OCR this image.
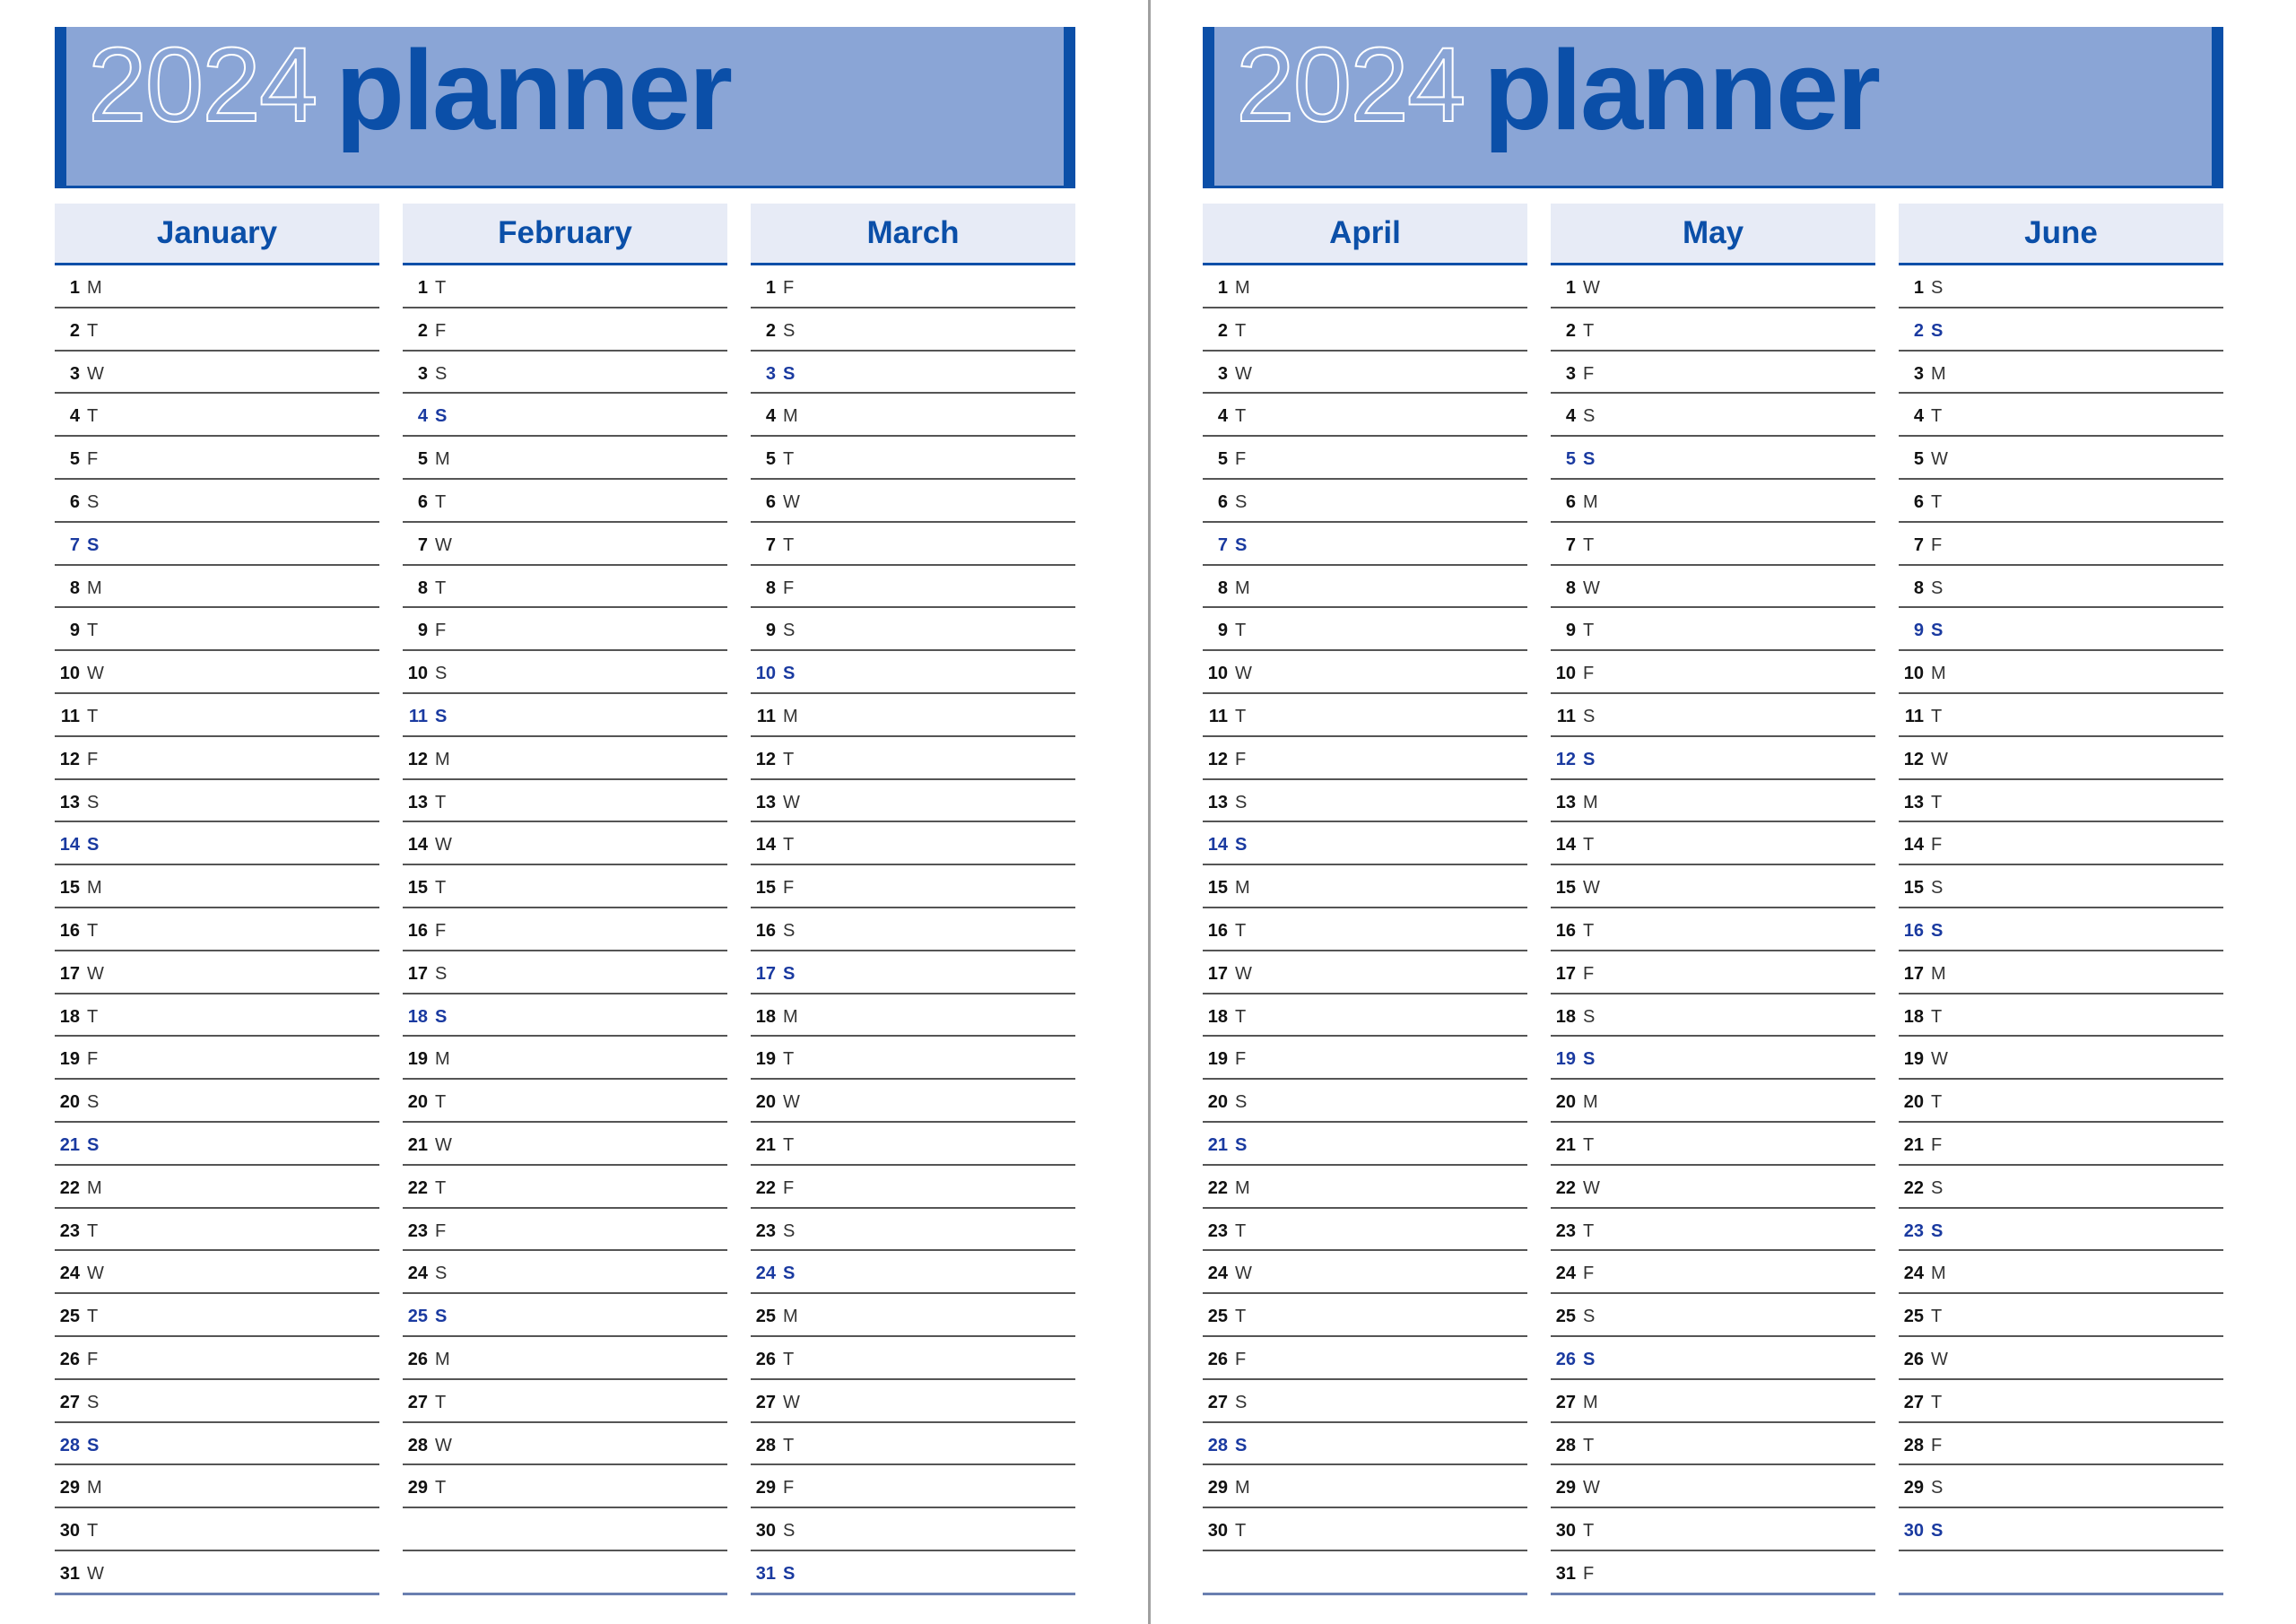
2024 planner
January
1 M
2 T
3 W
4 T
5 F
6 S
7 S
8 M
9 T
10 W
11 T
12 F
13 S
14 S
15 M
16 T
17 W
18 T
19 F
20 S
21 S
22 M
23 T
24 W
25 T
26 F
27 S
28 S
29 M
30 T
31 W
February
1 T
2 F
3 S
4 S
5 M
6 T
7 W
8 T
9 F
10 S
11 S
12 M
13 T
14 W
15 T
16 F
17 S
18 S
19 M
20 T
21 W
22 T
23 F
24 S
25 S
26 M
27 T
28 W
29 T
March
1 F
2 S
3 S
4 M
5 T
6 W
7 T
8 F
9 S
10 S
11 M
12 T
13 W
14 T
15 F
16 S
17 S
18 M
19 T
20 W
21 T
22 F
23 S
24 S
25 M
26 T
27 W
28 T
29 F
30 S
31 S
2024 planner
April
1 M
2 T
3 W
4 T
5 F
6 S
7 S
8 M
9 T
10 W
11 T
12 F
13 S
14 S
15 M
16 T
17 W
18 T
19 F
20 S
21 S
22 M
23 T
24 W
25 T
26 F
27 S
28 S
29 M
30 T
May
1 W
2 T
3 F
4 S
5 S
6 M
7 T
8 W
9 T
10 F
11 S
12 S
13 M
14 T
15 W
16 T
17 F
18 S
19 S
20 M
21 T
22 W
23 T
24 F
25 S
26 S
27 M
28 T
29 W
30 T
31 F
June
1 S
2 S
3 M
4 T
5 W
6 T
7 F
8 S
9 S
10 M
11 T
12 W
13 T
14 F
15 S
16 S
17 M
18 T
19 W
20 T
21 F
22 S
23 S
24 M
25 T
26 W
27 T
28 F
29 S
30 S
